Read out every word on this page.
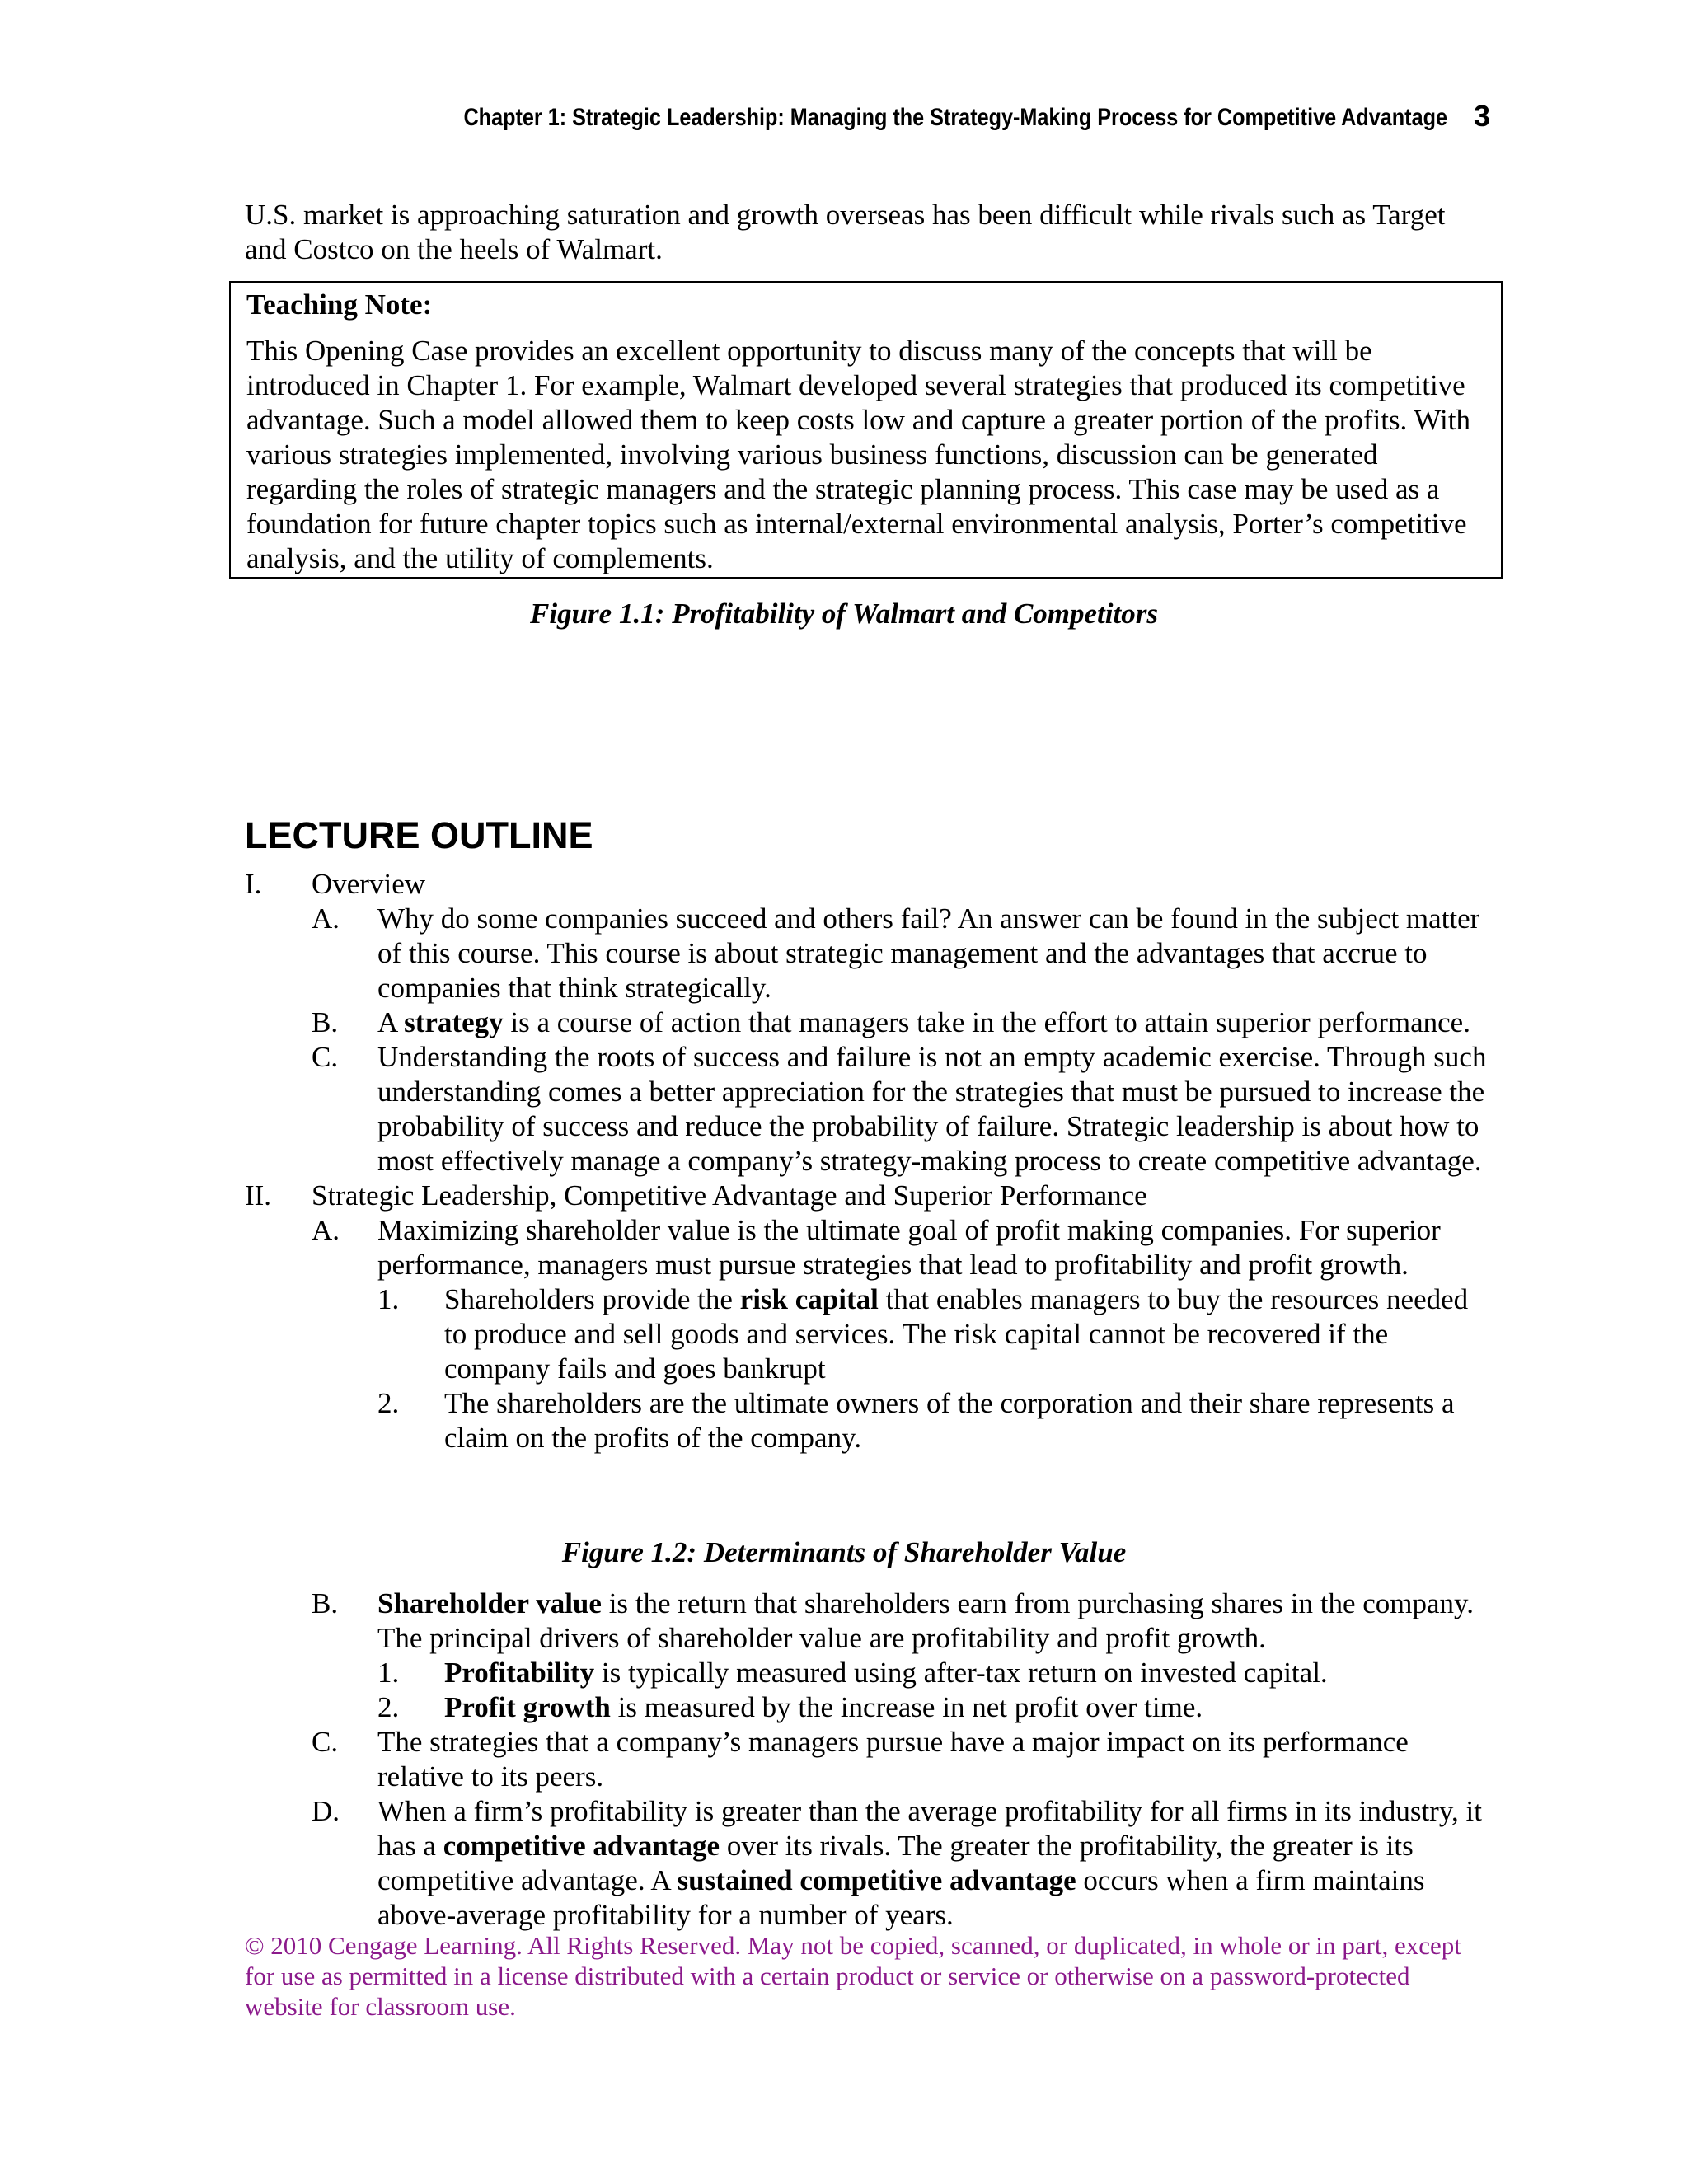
Chapter 1: Strategic Leadership: Managing the Strategy-Making Process for Competitive Advantage 3

U.S. market is approaching saturation and growth overseas has been difficult while rivals such as Target and Costco on the heels of Walmart.

Teaching Note:

This Opening Case provides an excellent opportunity to discuss many of the concepts that will be introduced in Chapter 1. For example, Walmart developed several strategies that produced its competitive advantage. Such a model allowed them to keep costs low and capture a greater portion of the profits. With various strategies implemented, involving various business functions, discussion can be generated regarding the roles of strategic managers and the strategic planning process. This case may be used as a foundation for future chapter topics such as internal/external environmental analysis, Porter’s competitive analysis, and the utility of complements.

Figure 1.1: Profitability of Walmart and Competitors

LECTURE OUTLINE
I.	Overview
A.	Why do some companies succeed and others fail? An answer can be found in the subject matter of this course. This course is about strategic management and the advantages that accrue to companies that think strategically.
B.	A strategy is a course of action that managers take in the effort to attain superior performance.
C.	Understanding the roots of success and failure is not an empty academic exercise. Through such understanding comes a better appreciation for the strategies that must be pursued to increase the probability of success and reduce the probability of failure. Strategic leadership is about how to most effectively manage a company’s strategy-making process to create competitive advantage.
II.	Strategic Leadership, Competitive Advantage and Superior Performance
A.	Maximizing shareholder value is the ultimate goal of profit making companies. For superior performance, managers must pursue strategies that lead to profitability and profit growth.
1.	Shareholders provide the risk capital that enables managers to buy the resources needed to produce and sell goods and services. The risk capital cannot be recovered if the company fails and goes bankrupt
2.	The shareholders are the ultimate owners of the corporation and their share represents a claim on the profits of the company.

Figure 1.2: Determinants of Shareholder Value

B.	Shareholder value is the return that shareholders earn from purchasing shares in the company. The principal drivers of shareholder value are profitability and profit growth.
1.	Profitability is typically measured using after-tax return on invested capital.
2.	Profit growth is measured by the increase in net profit over time.
C.	The strategies that a company’s managers pursue have a major impact on its performance relative to its peers.
D.	When a firm’s profitability is greater than the average profitability for all firms in its industry, it has a competitive advantage over its rivals. The greater the profitability, the greater is its competitive advantage. A sustained competitive advantage occurs when a firm maintains above-average profitability for a number of years.

© 2010 Cengage Learning. All Rights Reserved. May not be copied, scanned, or duplicated, in whole or in part, except for use as permitted in a license distributed with a certain product or service or otherwise on a password-protected website for classroom use.
